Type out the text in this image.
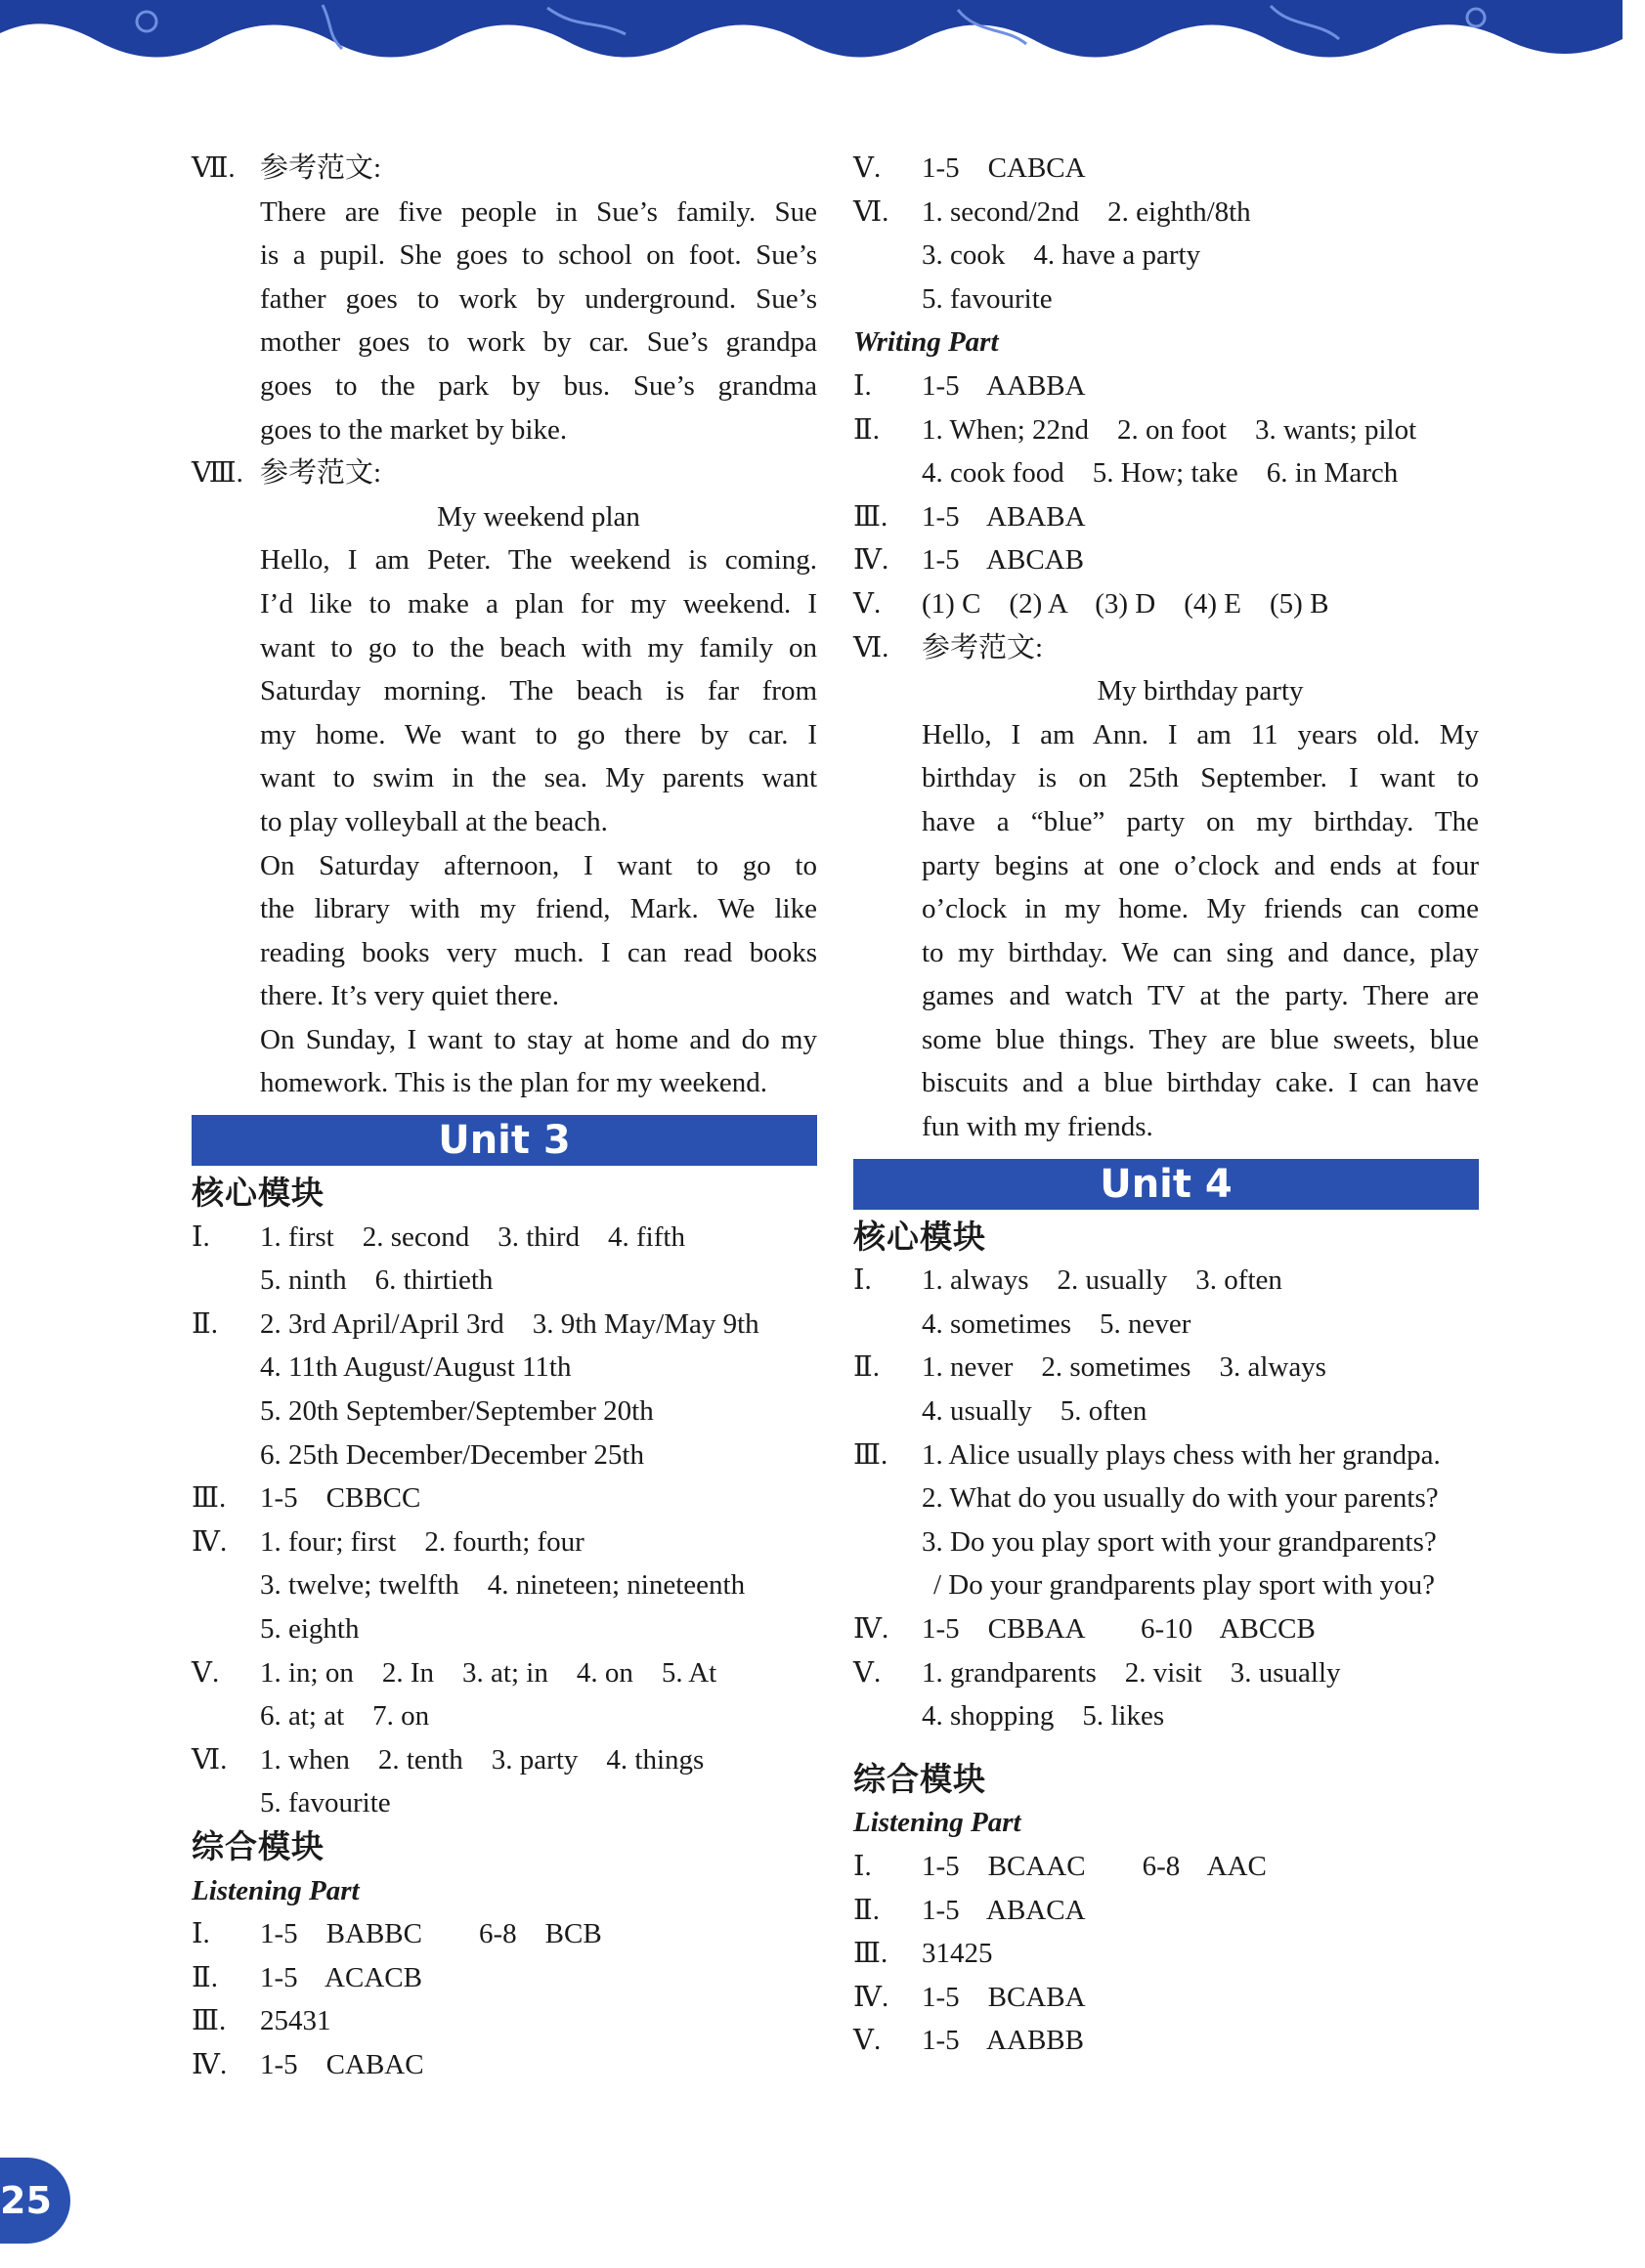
Ⅶ. 参考范文:
There are five people in Sue’s family. Sue
is a pupil. She goes to school on foot. Sue’s
father goes to work by underground. Sue’s
mother goes to work by car. Sue’s grandpa
goes to the park by bus. Sue’s grandma
goes to the market by bike.
Ⅷ. 参考范文:
My weekend plan
Hello, I am Peter. The weekend is coming.
I’d like to make a plan for my weekend. I
want to go to the beach with my family on
Saturday morning. The beach is far from
my home. We want to go there by car. I
want to swim in the sea. My parents want
to play volleyball at the beach.
On Saturday afternoon, I want to go to
the library with my friend, Mark. We like
reading books very much. I can read books
there. It’s very quiet there.
On Sunday, I want to stay at home and do my
homework. This is the plan for my weekend.
Unit 3
核心模块
Ⅰ. 1. first    2. second    3. third    4. fifth
5. ninth    6. thirtieth
Ⅱ. 2. 3rd April/April 3rd    3. 9th May/May 9th
4. 11th August/August 11th
5. 20th September/September 20th
6. 25th December/December 25th
Ⅲ. 1-5    CBBCC
Ⅳ. 1. four; first    2. fourth; four
3. twelve; twelfth    4. nineteen; nineteenth
5. eighth
Ⅴ. 1. in; on    2. In    3. at; in    4. on    5. At
6. at; at    7. on
Ⅵ. 1. when    2. tenth    3. party    4. things
5. favourite
综合模块
Listening Part
Ⅰ. 1-5    BABBC        6-8    BCB
Ⅱ. 1-5    ACACB
Ⅲ. 25431
Ⅳ. 1-5    CABAC
Ⅴ. 1-5    CABCA
Ⅵ. 1. second/2nd    2. eighth/8th
3. cook    4. have a party
5. favourite
Writing Part
Ⅰ. 1-5    AABBA
Ⅱ. 1. When; 22nd    2. on foot    3. wants; pilot
4. cook food    5. How; take    6. in March
Ⅲ. 1-5    ABABA
Ⅳ. 1-5    ABCAB
Ⅴ. (1) C    (2) A    (3) D    (4) E    (5) B
Ⅵ. 参考范文:
My birthday party
Hello, I am Ann. I am 11 years old. My
birthday is on 25th September. I want to
have a “blue” party on my birthday. The
party begins at one o’clock and ends at four
o’clock in my home. My friends can come
to my birthday. We can sing and dance, play
games and watch TV at the party. There are
some blue things. They are blue sweets, blue
biscuits and a blue birthday cake. I can have
fun with my friends.
Unit 4
核心模块
Ⅰ. 1. always    2. usually    3. often
4. sometimes    5. never
Ⅱ. 1. never    2. sometimes    3. always
4. usually    5. often
Ⅲ. 1. Alice usually plays chess with her grandpa.
2. What do you usually do with your parents?
3. Do you play sport with your grandparents?
/ Do your grandparents play sport with you?
Ⅳ. 1-5    CBBAA        6-10    ABCCB
Ⅴ. 1. grandparents    2. visit    3. usually
4. shopping    5. likes
综合模块
Listening Part
Ⅰ. 1-5    BCAAC        6-8    AAC
Ⅱ. 1-5    ABACA
Ⅲ. 31425
Ⅳ. 1-5    BCABA
Ⅴ. 1-5    AABBB
25
